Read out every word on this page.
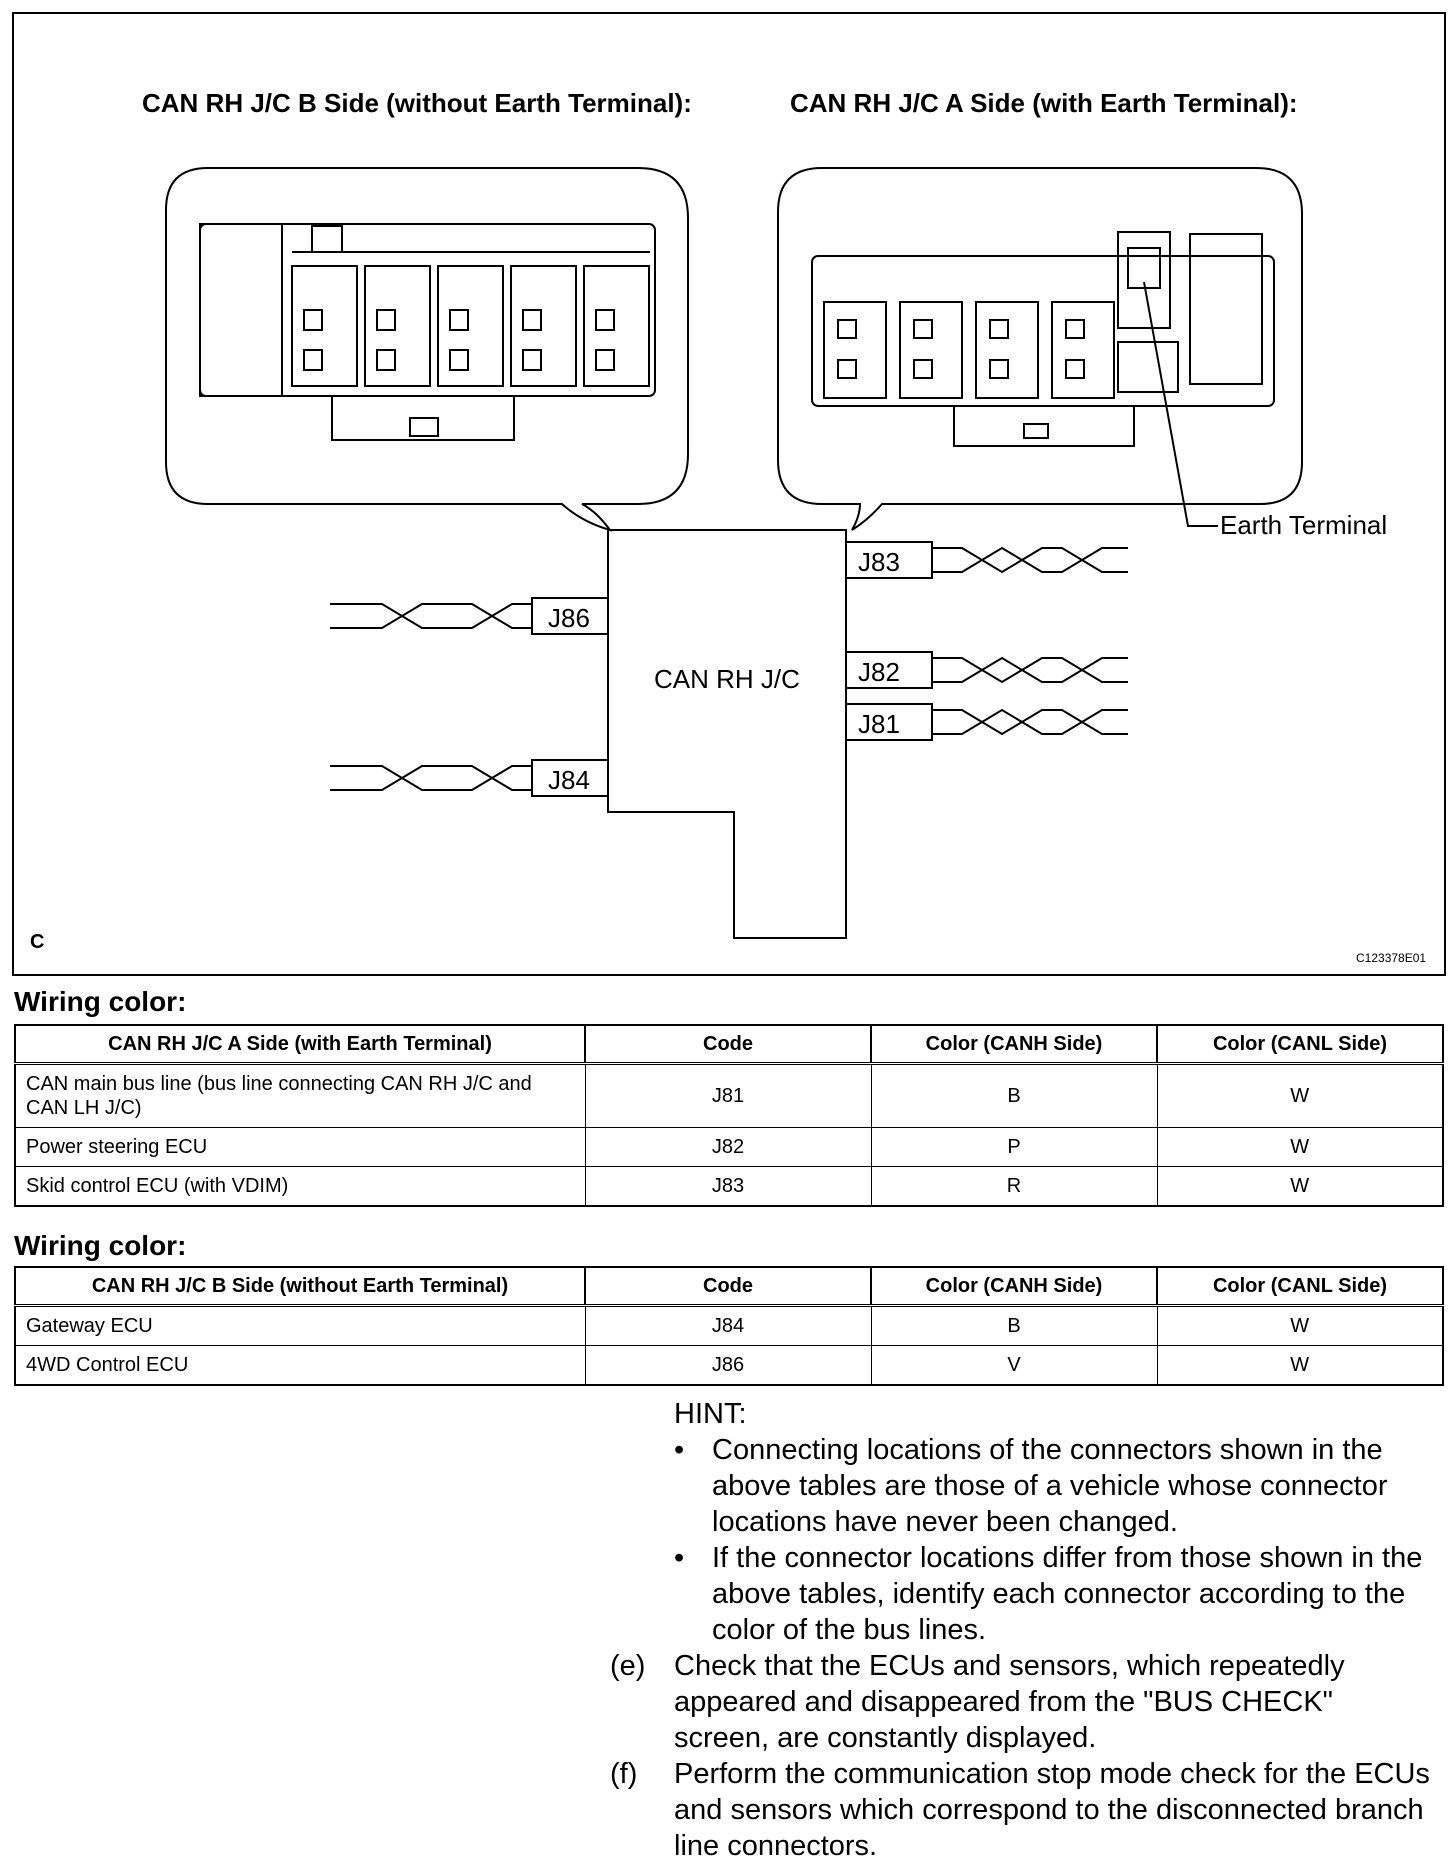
CAN RH J/C B Side (without Earth Terminal):	CAN RH J/C A Side (with Earth Terminal):
Earth Terminal
CAN RH J/C
J83
J86
J82
J81
J84
C
C123378E01
Wiring color:
CAN RH J/C A Side (with Earth Terminal)	Code	Color (CANH Side)	Color (CANL Side)
CAN main bus line (bus line connecting CAN RH J/C and CAN LH J/C)	J81	B	W
Power steering ECU	J82	P	W
Skid control ECU (with VDIM)	J83	R	W
Wiring color:
CAN RH J/C B Side (without Earth Terminal)	Code	Color (CANH Side)	Color (CANL Side)
Gateway ECU	J84	B	W
4WD Control ECU	J86	V	W
HINT:
• Connecting locations of the connectors shown in the above tables are those of a vehicle whose connector locations have never been changed.
• If the connector locations differ from those shown in the above tables, identify each connector according to the color of the bus lines.
(e) Check that the ECUs and sensors, which repeatedly appeared and disappeared from the "BUS CHECK" screen, are constantly displayed.
(f) Perform the communication stop mode check for the ECUs and sensors which correspond to the disconnected branch line connectors.
